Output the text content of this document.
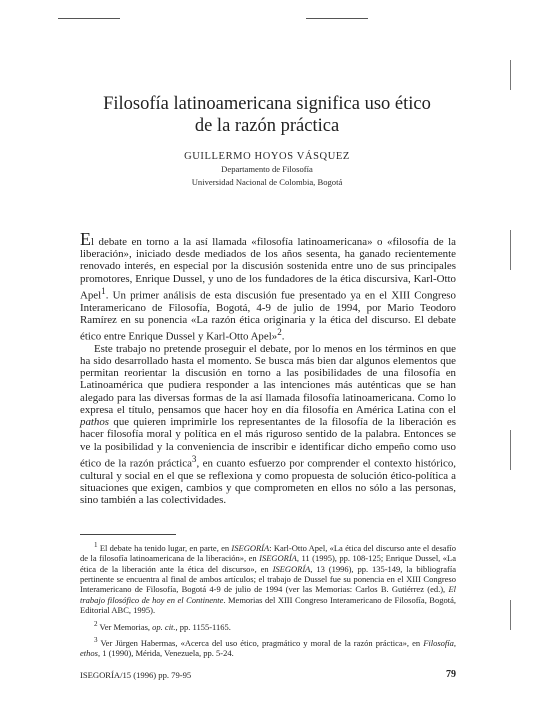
Filosofía latinoamericana significa uso ético
de la razón práctica
GUILLERMO HOYOS VÁSQUEZ
Departamento de Filosofía
Universidad Nacional de Colombia, Bogotá

El debate en torno a la así llamada «filosofía latinoamericana» o «filosofía de la liberación», iniciado desde mediados de los años sesenta, ha ganado recientemente renovado interés, en especial por la discusión sostenida entre uno de sus principales promotores, Enrique Dussel, y uno de los fundadores de la ética discursiva, Karl-Otto Apel$^1$. Un primer análisis de esta discusión fue presentado ya en el XIII Congreso Interamericano de Filosofía, Bogotá, 4-9 de julio de 1994, por Mario Teodoro Ramírez en su ponencia «La razón ética originaria y la ética del discurso. El debate ético entre Enrique Dussel y Karl-Otto Apel»$^2$.

Este trabajo no pretende proseguir el debate, por lo menos en los términos en que ha sido desarrollado hasta el momento. Se busca más bien dar algunos elementos que permitan reorientar la discusión en torno a las posibilidades de una filosofía en Latinoamérica que pudiera responder a las intenciones más auténticas que se han alegado para las diversas formas de la así llamada filosofía latinoamericana. Como lo expresa el título, pensamos que hacer hoy en día filosofía en América Latina con el pathos que quieren imprimirle los representantes de la filosofía de la liberación es hacer filosofía moral y política en el más riguroso sentido de la palabra. Entonces se ve la posibilidad y la conveniencia de inscribir e identificar dicho empeño como uso ético de la razón práctica$^3$, en cuanto esfuerzo por comprender el contexto histórico, cultural y social en el que se reflexiona y como propuesta de solución ético-política a situaciones que exigen, cambios y que comprometen en ellos no sólo a las personas, sino también a las colectividades.

$^1$ El debate ha tenido lugar, en parte, en ISEGORÍA: Karl-Otto Apel, «La ética del discurso ante el desafío de la filosofía latinoamericana de la liberación», en ISEGORÍA, 11 (1995), pp. 108-125; Enrique Dussel, «La ética de la liberación ante la ética del discurso», en ISEGORÍA, 13 (1996), pp. 135-149, la bibliografía pertinente se encuentra al final de ambos artículos; el trabajo de Dussel fue su ponencia en el XIII Congreso Interamericano de Filosofía, Bogotá 4-9 de julio de 1994 (ver las Memorias: Carlos B. Gutiérrez (ed.), El trabajo filosófico de hoy en el Continente. Memorias del XIII Congreso Interamericano de Filosofía, Bogotá, Editorial ABC, 1995).

$^2$ Ver Memorias, op. cit., pp. 1155-1165.

$^3$ Ver Jürgen Habermas, «Acerca del uso ético, pragmático y moral de la razón práctica», en Filosofía, ethos, 1 (1990), Mérida, Venezuela, pp. 5-24.

ISEGORÍA/15 (1996) pp. 79-95	79
